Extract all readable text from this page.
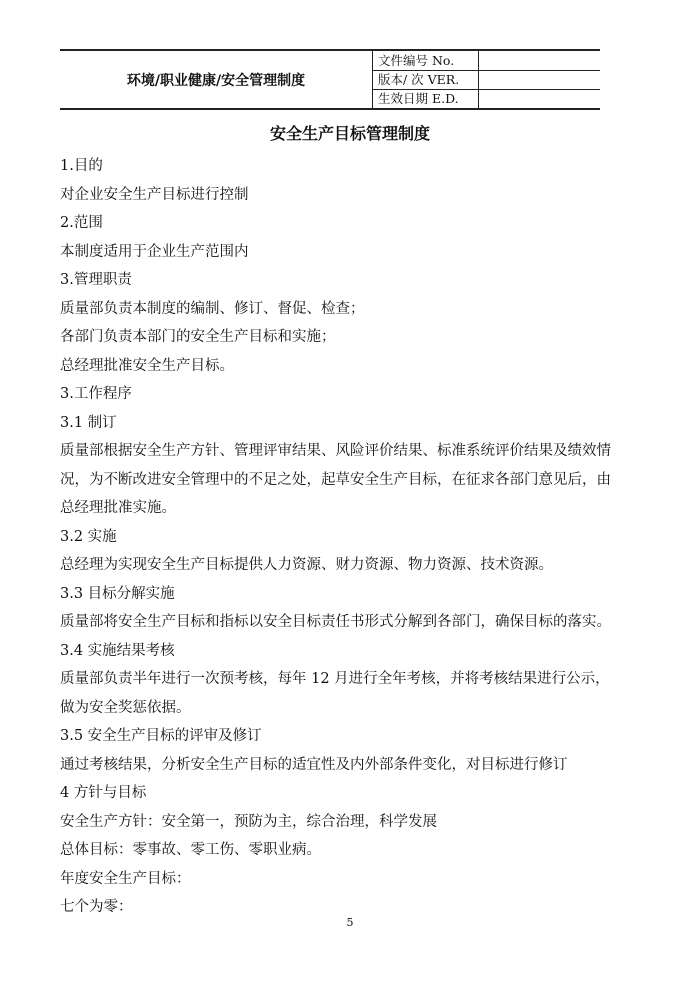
环境/职业健康/安全管理制度
文件编号 No.
版本/ 次 VER.
生效日期 E.D.
安全生产目标管理制度
1.目的
对企业安全生产目标进行控制
2.范围
本制度适用于企业生产范围内
3.管理职责
质量部负责本制度的编制、修订、督促、检查；
各部门负责本部门的安全生产目标和实施；
总经理批准安全生产目标。
3.工作程序
3.1 制订
质量部根据安全生产方针、管理评审结果、风险评价结果、标准系统评价结果及绩效情
况，为不断改进安全管理中的不足之处，起草安全生产目标，在征求各部门意见后，由
总经理批准实施。
3.2 实施
总经理为实现安全生产目标提供人力资源、财力资源、物力资源、技术资源。
3.3 目标分解实施
质量部将安全生产目标和指标以安全目标责任书形式分解到各部门，确保目标的落实。
3.4 实施结果考核
质量部负责半年进行一次预考核，每年 12 月进行全年考核，并将考核结果进行公示，
做为安全奖惩依据。
3.5 安全生产目标的评审及修订
通过考核结果，分析安全生产目标的适宜性及内外部条件变化，对目标进行修订
4 方针与目标
安全生产方针：安全第一，预防为主，综合治理，科学发展
总体目标：零事故、零工伤、零职业病。
年度安全生产目标：
七个为零：
5
